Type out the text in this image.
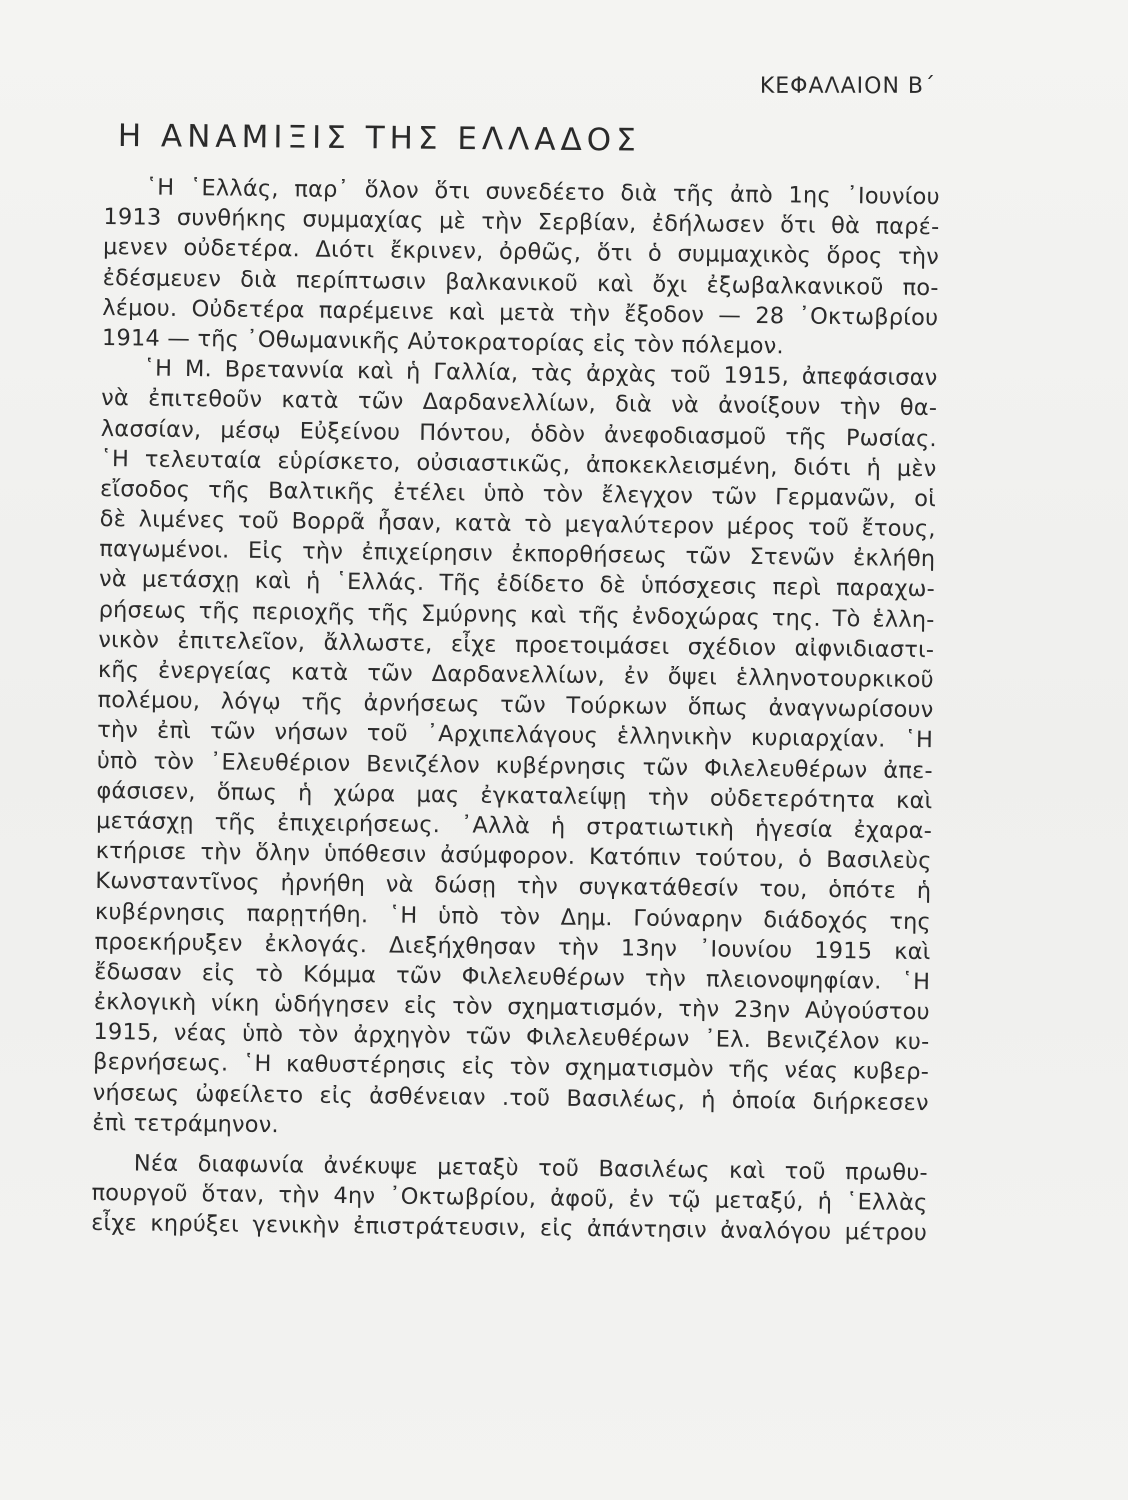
ΚΕΦΑΛΑΙΟΝ Β΄
Η ΑΝΑΜΙΞΙΣ ΤΗΣ ΕΛΛΑΔΟΣ
῾Η ῾Ελλάς, παρ᾿ ὅλον ὅτι συνεδέετο διὰ τῆς ἀπὸ 1ης ᾿Ιουνίου
1913 συνθήκης συμμαχίας μὲ τὴν Σερβίαν, ἐδήλωσεν ὅτι θὰ παρέ-
μενεν οὐδετέρα. Διότι ἔκρινεν, ὀρθῶς, ὅτι ὁ συμμαχικὸς ὅρος τὴν
ἐδέσμευεν διὰ περίπτωσιν βαλκανικοῦ καὶ ὄχι ἐξωβαλκανικοῦ πο-
λέμου. Οὐδετέρα παρέμεινε καὶ μετὰ τὴν ἔξοδον — 28 ᾿Οκτωβρίου
1914 — τῆς ᾿Οθωμανικῆς Αὐτοκρατορίας εἰς τὸν πόλεμον.
῾Η Μ. Βρεταννία καὶ ἡ Γαλλία, τὰς ἀρχὰς τοῦ 1915, ἀπεφάσισαν
νὰ ἐπιτεθοῦν κατὰ τῶν Δαρδανελλίων, διὰ νὰ ἀνοίξουν τὴν θα-
λασσίαν, μέσῳ Εὐξείνου Πόντου, ὁδὸν ἀνεφοδιασμοῦ τῆς Ρωσίας.
῾Η τελευταία εὑρίσκετο, οὐσιαστικῶς, ἀποκεκλεισμένη, διότι ἡ μὲν
εἴσοδος τῆς Βαλτικῆς ἐτέλει ὑπὸ τὸν ἔλεγχον τῶν Γερμανῶν, οἱ
δὲ λιμένες τοῦ Βορρᾶ ἦσαν, κατὰ τὸ μεγαλύτερον μέρος τοῦ ἔτους,
παγωμένοι. Εἰς τὴν ἐπιχείρησιν ἐκπορθήσεως τῶν Στενῶν ἐκλήθη
νὰ μετάσχῃ καὶ ἡ ῾Ελλάς. Τῆς ἐδίδετο δὲ ὑπόσχεσις περὶ παραχω-
ρήσεως τῆς περιοχῆς τῆς Σμύρνης καὶ τῆς ἐνδοχώρας της. Τὸ ἑλλη-
νικὸν ἐπιτελεῖον, ἄλλωστε, εἶχε προετοιμάσει σχέδιον αἰφνιδιαστι-
κῆς ἐνεργείας κατὰ τῶν Δαρδανελλίων, ἐν ὄψει ἑλληνοτουρκικοῦ
πολέμου, λόγῳ τῆς ἀρνήσεως τῶν Τούρκων ὅπως ἀναγνωρίσουν
τὴν ἐπὶ τῶν νήσων τοῦ ᾿Αρχιπελάγους ἑλληνικὴν κυριαρχίαν. ῾Η
ὑπὸ τὸν ᾿Ελευθέριον Βενιζέλον κυβέρνησις τῶν Φιλελευθέρων ἀπε-
φάσισεν, ὅπως ἡ χώρα μας ἐγκαταλείψῃ τὴν οὐδετερότητα καὶ
μετάσχῃ τῆς ἐπιχειρήσεως. ᾿Αλλὰ ἡ στρατιωτικὴ ἡγεσία ἐχαρα-
κτήρισε τὴν ὅλην ὑπόθεσιν ἀσύμφορον. Κατόπιν τούτου, ὁ Βασιλεὺς
Κωνσταντῖνος ἠρνήθη νὰ δώσῃ τὴν συγκατάθεσίν του, ὁπότε ἡ
κυβέρνησις παρῃτήθη. ῾Η ὑπὸ τὸν Δημ. Γούναρην διάδοχός της
προεκήρυξεν ἐκλογάς. Διεξήχθησαν τὴν 13ην ᾿Ιουνίου 1915 καὶ
ἔδωσαν εἰς τὸ Κόμμα τῶν Φιλελευθέρων τὴν πλειονοψηφίαν. ῾Η
ἐκλογικὴ νίκη ὡδήγησεν εἰς τὸν σχηματισμόν, τὴν 23ην Αὐγούστου
1915, νέας ὑπὸ τὸν ἀρχηγὸν τῶν Φιλελευθέρων ᾿Ελ. Βενιζέλον κυ-
βερνήσεως. ῾Η καθυστέρησις εἰς τὸν σχηματισμὸν τῆς νέας κυβερ-
νήσεως ὠφείλετο εἰς ἀσθένειαν .τοῦ Βασιλέως, ἡ ὁποία διήρκεσεν
ἐπὶ τετράμηνον.
Νέα διαφωνία ἀνέκυψε μεταξὺ τοῦ Βασιλέως καὶ τοῦ πρωθυ-
πουργοῦ ὅταν, τὴν 4ην ᾿Οκτωβρίου, ἀφοῦ, ἐν τῷ μεταξύ, ἡ ῾Ελλὰς
εἶχε κηρύξει γενικὴν ἐπιστράτευσιν, εἰς ἀπάντησιν ἀναλόγου μέτρου
